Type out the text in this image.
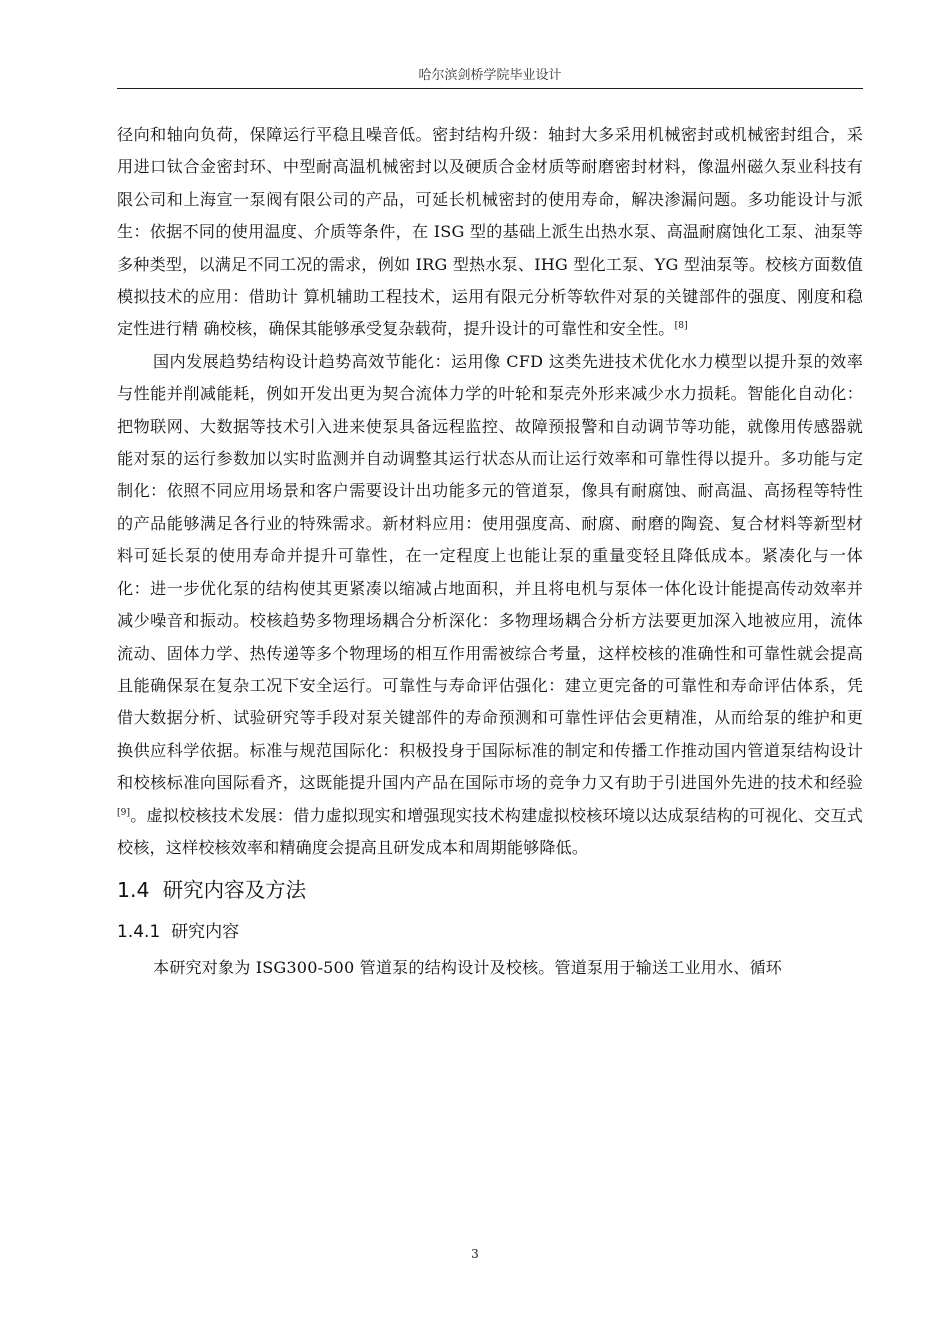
哈尔滨剑桥学院毕业设计

径向和轴向负荷，保障运行平稳且噪音低。密封结构升级：轴封大多采用机械密封或机械密封组合，采用进口钛合金密封环、中型耐高温机械密封以及硬质合金材质等耐磨密封材料，像温州磁久泵业科技有限公司和上海宣一泵阀有限公司的产品，可延长机械密封的使用寿命，解决渗漏问题。多功能设计与派生：依据不同的使用温度、介质等条件，在 ISG 型的基础上派生出热水泵、高温耐腐蚀化工泵、油泵等多种类型，以满足不同工况的需求，例如 IRG 型热水泵、IHG 型化工泵、YG 型油泵等。校核方面数值模拟技术的应用：借助计 算机辅助工程技术，运用有限元分析等软件对泵的关键部件的强度、刚度和稳定性进行精 确校核，确保其能够承受复杂载荷，提升设计的可靠性和安全性。[8]

国内发展趋势结构设计趋势高效节能化：运用像 CFD 这类先进技术优化水力模型以提升泵的效率与性能并削减能耗，例如开发出更为契合流体力学的叶轮和泵壳外形来减少水力损耗。智能化自动化：把物联网、大数据等技术引入进来使泵具备远程监控、故障预报警和自动调节等功能，就像用传感器就能对泵的运行参数加以实时监测并自动调整其运行状态从而让运行效率和可靠性得以提升。多功能与定制化：依照不同应用场景和客户需要设计出功能多元的管道泵，像具有耐腐蚀、耐高温、高扬程等特性的产品能够满足各行业的特殊需求。新材料应用：使用强度高、耐腐、耐磨的陶瓷、复合材料等新型材料可延长泵的使用寿命并提升可靠性，在一定程度上也能让泵的重量变轻且降低成本。紧凑化与一体化：进一步优化泵的结构使其更紧凑以缩减占地面积，并且将电机与泵体一体化设计能提高传动效率并减少噪音和振动。校核趋势多物理场耦合分析深化：多物理场耦合分析方法要更加深入地被应用，流体流动、固体力学、热传递等多个物理场的相互作用需被综合考量，这样校核的准确性和可靠性就会提高且能确保泵在复杂工况下安全运行。可靠性与寿命评估强化：建立更完备的可靠性和寿命评估体系，凭借大数据分析、试验研究等手段对泵关键部件的寿命预测和可靠性评估会更精准，从而给泵的维护和更换供应科学依据。标准与规范国际化：积极投身于国际标准的制定和传播工作推动国内管道泵结构设计和校核标准向国际看齐，这既能提升国内产品在国际市场的竞争力又有助于引进国外先进的技术和经验[9]。虚拟校核技术发展：借力虚拟现实和增强现实技术构建虚拟校核环境以达成泵结构的可视化、交互式校核，这样校核效率和精确度会提高且研发成本和周期能够降低。

1.4 研究内容及方法
1.4.1 研究内容

本研究对象为 ISG300-500 管道泵的结构设计及校核。管道泵用于输送工业用水、循环

3
